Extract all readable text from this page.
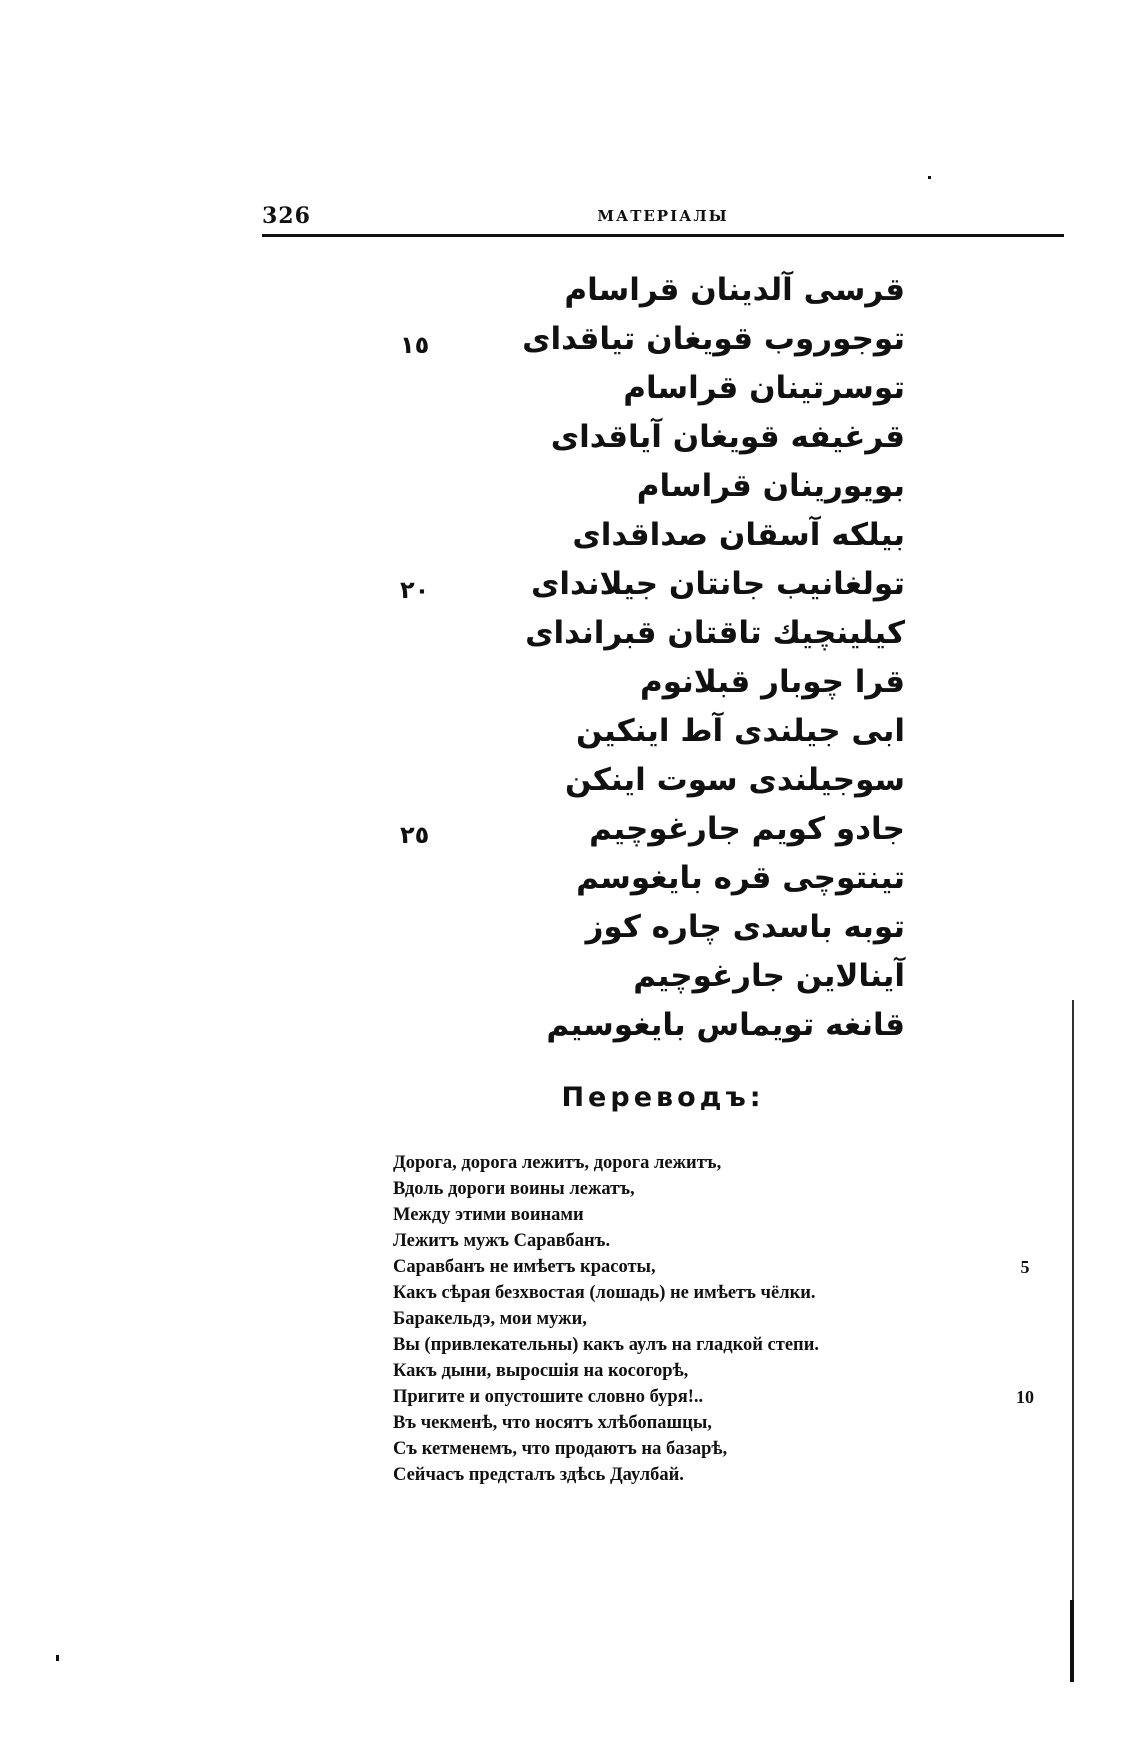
326	МАТЕРІАЛЫ
قرسی آلدینان قراسام
توجوروب قویغان تیاقدای
توسرتینان قراسام
قرغیفه قویغان آیاقدای
بویورینان قراسام
بیلکه آسقان صداقدای
تولغانیب جانتان جیلاندای
کیلینچیك تاقتان قبراندای
قرا چوبار قبلانوم
ابی جیلندی آط اینکین
سوجیلندی سوت اینکن
جادو کویم جارغوچیم
تینتوچی قره بایغوسم
توبه باسدی چاره کوز
آینالاین جارغوچیم
قانغه تویماس بایغوسیم
١٥
٢٠
٢٥
Переводъ:
Дорога, дорога лежитъ, дорога лежитъ,
Вдоль дороги воины лежатъ,
Между этими воинами
Лежитъ мужъ Саравбанъ.
Саравбанъ не имѣетъ красоты,
Какъ сѣрая безхвостая (лошадь) не имѣетъ чёлки.
Баракельдэ, мои мужи,
Вы (привлекательны) какъ аулъ на гладкой степи.
Какъ дыни, выросшія на косогорѣ,
Пригите и опустошите словно буря!..
Въ чекменѣ, что носятъ хлѣбопашцы,
Съ кетменемъ, что продаютъ на базарѣ,
Сейчасъ предсталъ здѣсь Даулбай.
5
10
